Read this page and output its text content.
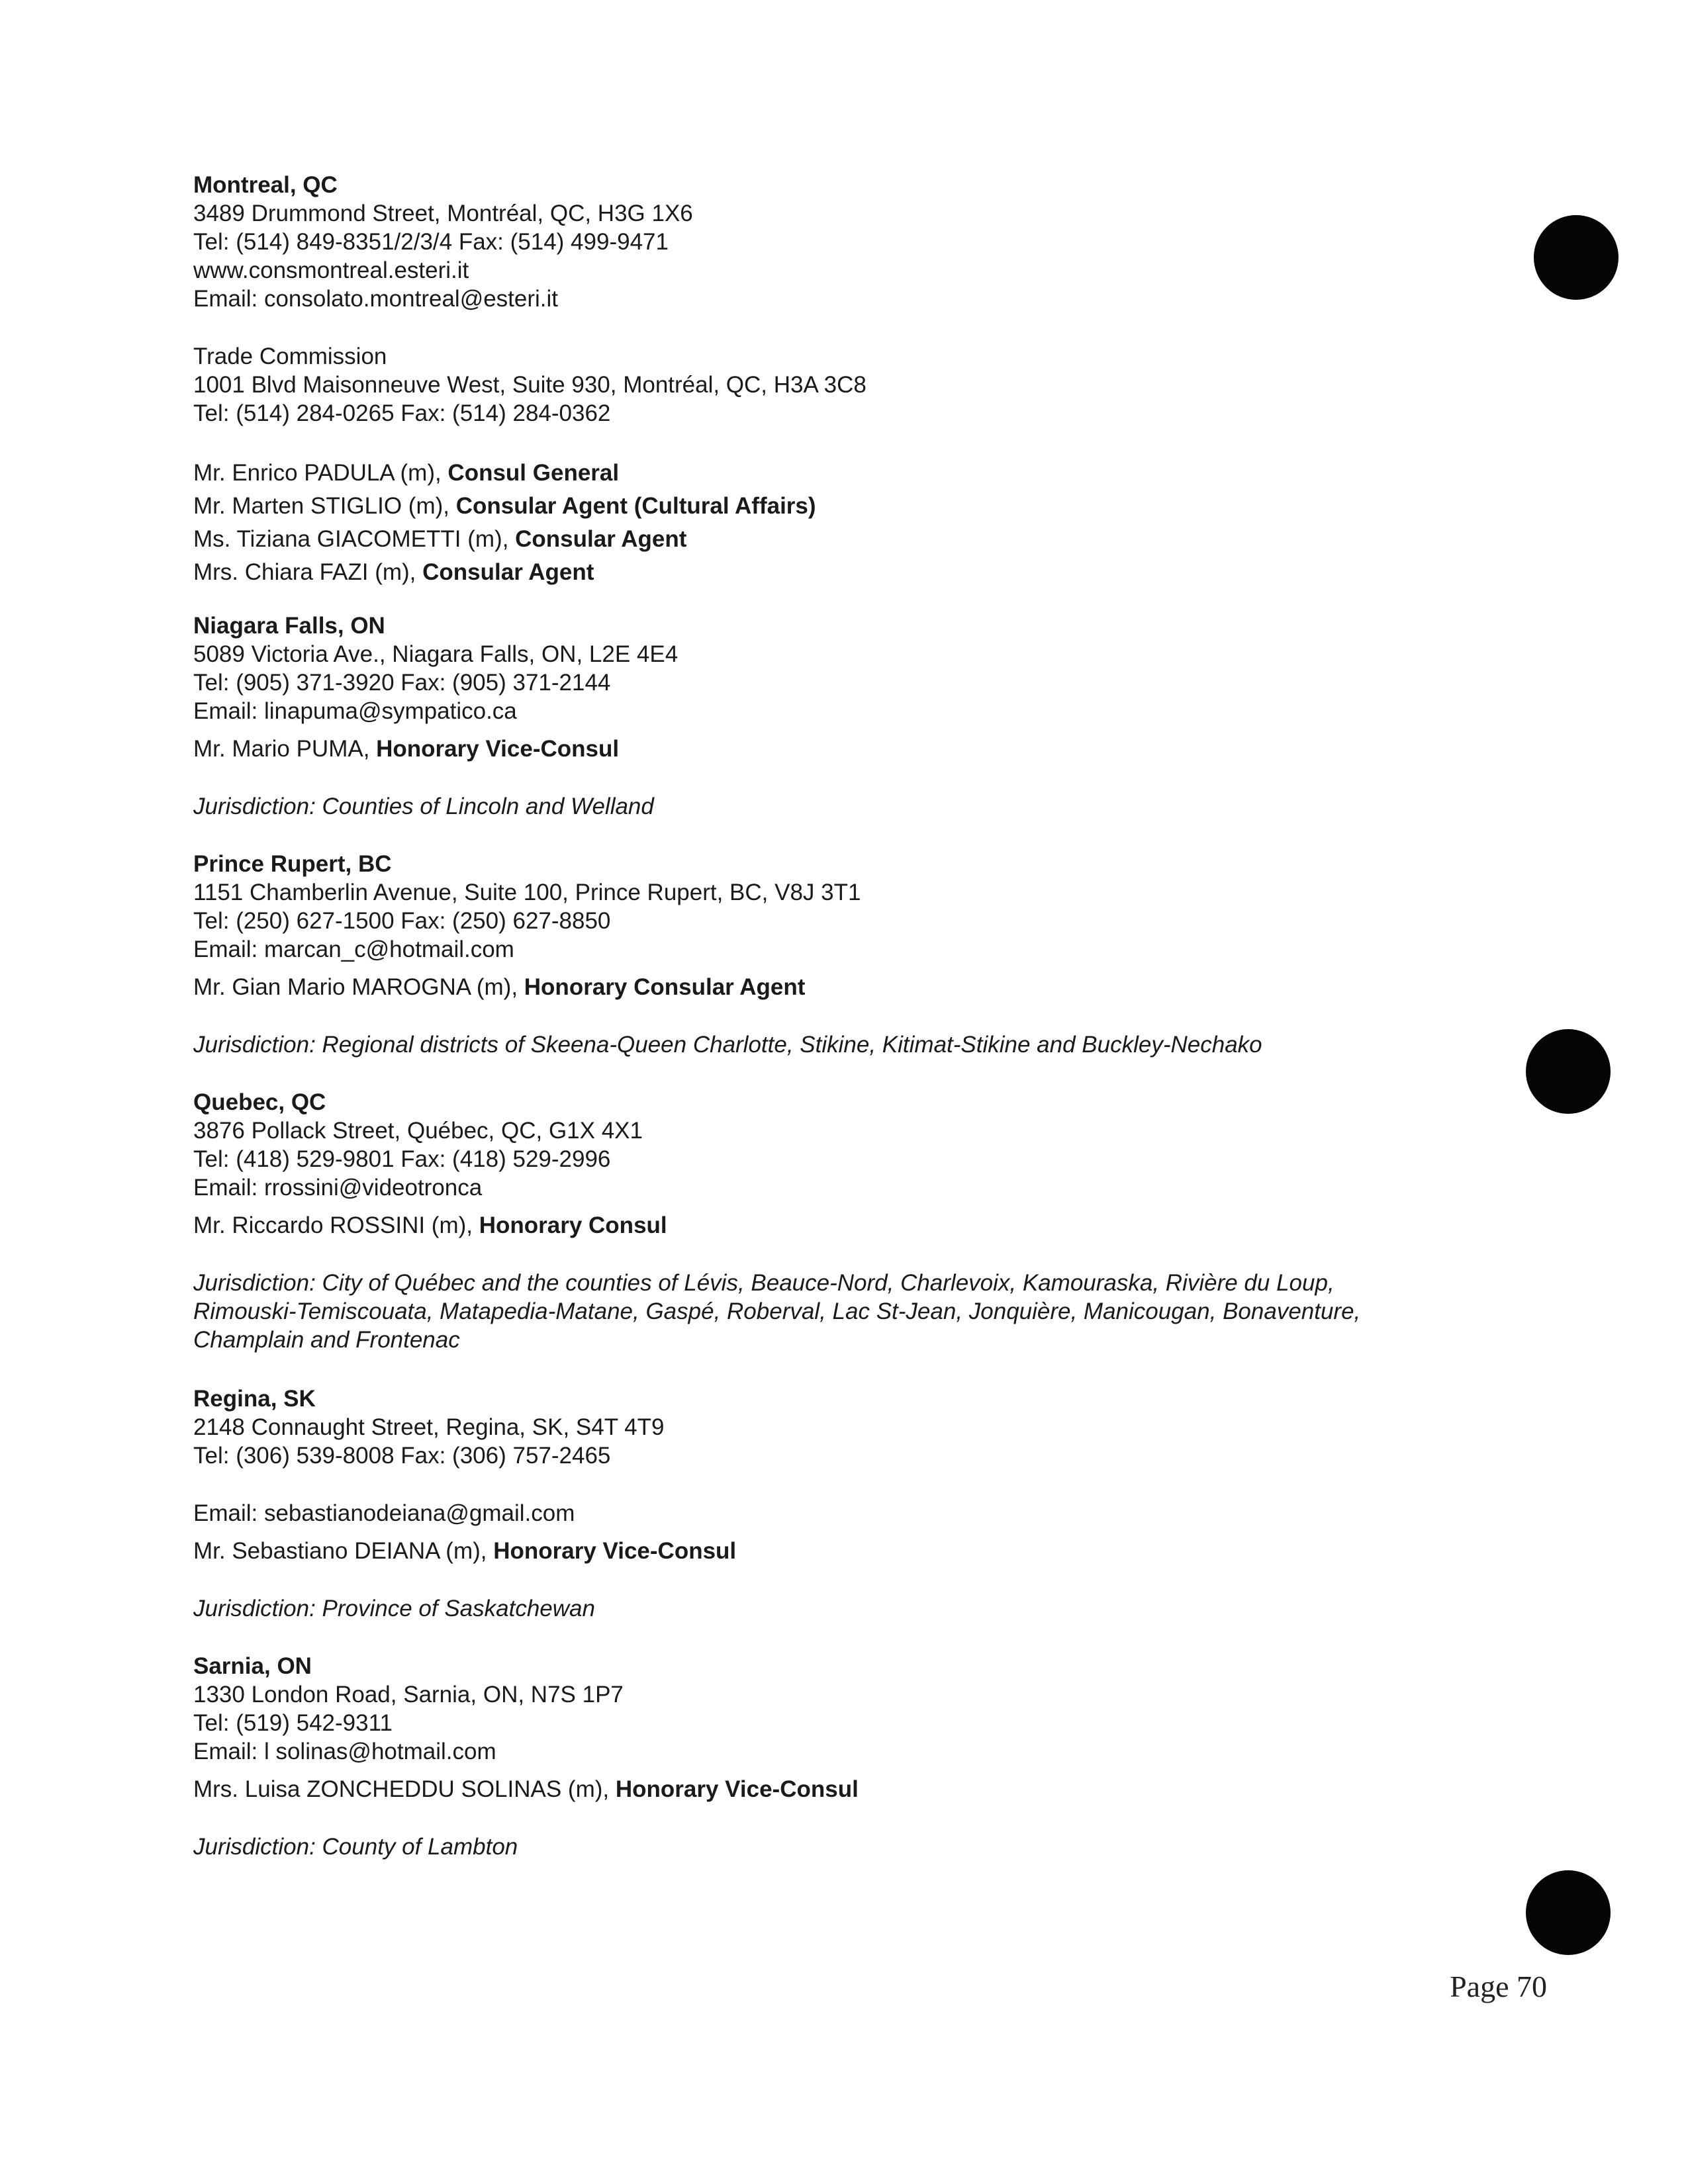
Montreal, QC
3489 Drummond Street, Montréal, QC, H3G 1X6
Tel: (514) 849-8351/2/3/4 Fax: (514) 499-9471
www.consmontreal.esteri.it
Email: consolato.montreal@esteri.it
Trade Commission
1001 Blvd Maisonneuve West, Suite 930, Montréal, QC, H3A 3C8
Tel: (514) 284-0265 Fax: (514) 284-0362
Mr. Enrico PADULA (m), Consul General
Mr. Marten STIGLIO (m), Consular Agent (Cultural Affairs)
Ms. Tiziana GIACOMETTI (m), Consular Agent
Mrs. Chiara FAZI (m), Consular Agent
Niagara Falls, ON
5089 Victoria Ave., Niagara Falls, ON, L2E 4E4
Tel: (905) 371-3920 Fax: (905) 371-2144
Email: linapuma@sympatico.ca
Mr. Mario PUMA, Honorary Vice-Consul
Jurisdiction: Counties of Lincoln and Welland
Prince Rupert, BC
1151 Chamberlin Avenue, Suite 100, Prince Rupert, BC, V8J 3T1
Tel: (250) 627-1500 Fax: (250) 627-8850
Email: marcan_c@hotmail.com
Mr. Gian Mario MAROGNA (m), Honorary Consular Agent
Jurisdiction: Regional districts of Skeena-Queen Charlotte, Stikine, Kitimat-Stikine and Buckley-Nechako
Quebec, QC
3876 Pollack Street, Québec, QC, G1X 4X1
Tel: (418) 529-9801 Fax: (418) 529-2996
Email: rrossini@videotronca
Mr. Riccardo ROSSINI (m), Honorary Consul
Jurisdiction: City of Québec and the counties of Lévis, Beauce-Nord, Charlevoix, Kamouraska, Rivière du Loup,
Rimouski-Temiscouata, Matapedia-Matane, Gaspé, Roberval, Lac St-Jean, Jonquière, Manicougan, Bonaventure,
Champlain and Frontenac
Regina, SK
2148 Connaught Street, Regina, SK, S4T 4T9
Tel: (306) 539-8008 Fax: (306) 757-2465
Email: sebastianodeiana@gmail.com
Mr. Sebastiano DEIANA (m), Honorary Vice-Consul
Jurisdiction: Province of Saskatchewan
Sarnia, ON
1330 London Road, Sarnia, ON, N7S 1P7
Tel: (519) 542-9311
Email: l solinas@hotmail.com
Mrs. Luisa ZONCHEDDU SOLINAS (m), Honorary Vice-Consul
Jurisdiction: County of Lambton
Page 70
